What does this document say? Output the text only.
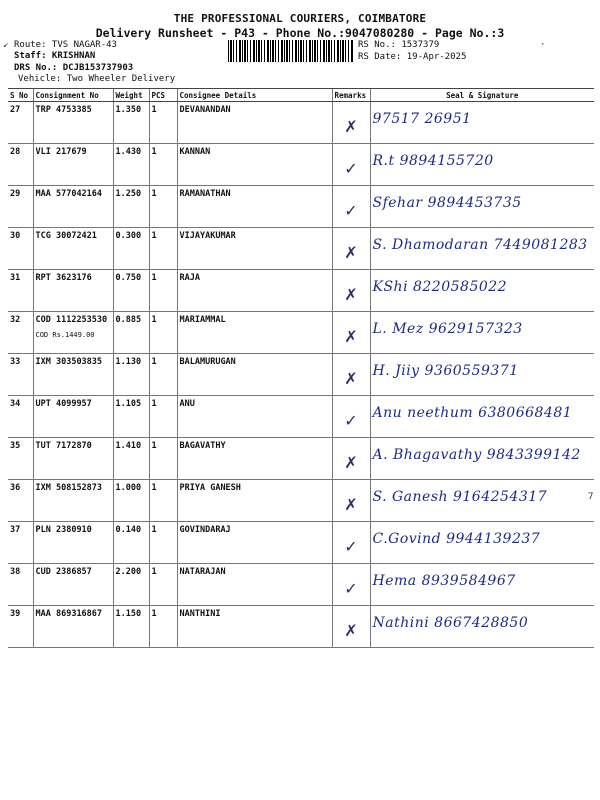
THE PROFESSIONAL COURIERS, COIMBATORE
Delivery Runsheet - P43 - Phone No.:9047080280 - Page No.:3
↙	·
7
Route: TVS NAGAR-43
Staff: KRISHNAN
DRS No.: DCJB153737903
Vehicle: Two Wheeler Delivery
RS No.: 1537379
RS Date: 19-Apr-2025
S No	Consignment No	Weight	PCS	Consignee Details	Remarks	Seal & Signature
27	TRP 4753385	1.350	1	DEVANANDAN	✗	97517 26951

28	VLI 217679	1.430	1	KANNAN	✓	R.t 9894155720

29	MAA 577042164	1.250	1	RAMANATHAN	✓	Sfehar 9894453735

30	TCG 30072421	0.300	1	VIJAYAKUMAR	✗	S. Dhamodaran 7449081283

31	RPT 3623176	0.750	1	RAJA	✗	KShi 8220585022

32	COD 1112253530
COD Rs.1449.00	0.885	1	MARIAMMAL	✗	L. Mez 9629157323

33	IXM 303503835	1.130	1	BALAMURUGAN	✗	H. Jiiy 9360559371

34	UPT 4099957	1.105	1	ANU	✓	Anu neethum 6380668481

35	TUT 7172870	1.410	1	BAGAVATHY	✗	A. Bhagavathy 9843399142

36	IXM 508152873	1.000	1	PRIYA GANESH	✗	S. Ganesh 9164254317

37	PLN 2380910	0.140	1	GOVINDARAJ	✓	C.Govind 9944139237

38	CUD 2386857	2.200	1	NATARAJAN	✓	Hema 8939584967

39	MAA 869316867	1.150	1	NANTHINI	✗	Nathini 8667428850
